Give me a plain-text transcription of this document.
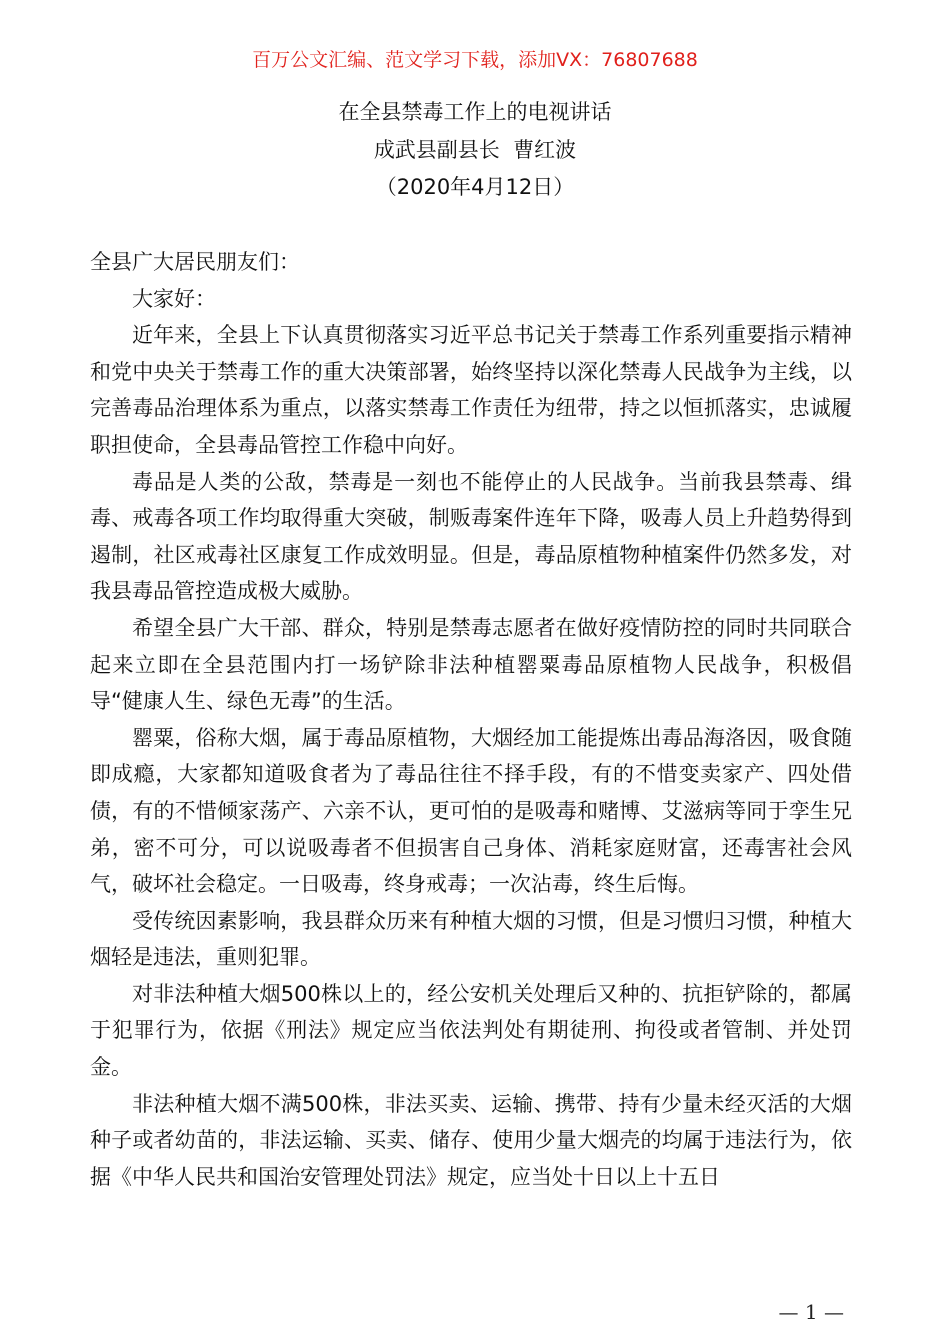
百万公文汇编、范文学习下载，添加VX：76807688
在全县禁毒工作上的电视讲话
成武县副县长  曹红波
（2020年4月12日）

全县广大居民朋友们：

大家好：

近年来，全县上下认真贯彻落实习近平总书记关于禁毒工作系列重要指示精神和党中央关于禁毒工作的重大决策部署，始终坚持以深化禁毒人民战争为主线，以完善毒品治理体系为重点，以落实禁毒工作责任为纽带，持之以恒抓落实，忠诚履职担使命，全县毒品管控工作稳中向好。

毒品是人类的公敌，禁毒是一刻也不能停止的人民战争。当前我县禁毒、缉毒、戒毒各项工作均取得重大突破，制贩毒案件连年下降，吸毒人员上升趋势得到遏制，社区戒毒社区康复工作成效明显。但是，毒品原植物种植案件仍然多发，对我县毒品管控造成极大威胁。

希望全县广大干部、群众，特别是禁毒志愿者在做好疫情防控的同时共同联合起来立即在全县范围内打一场铲除非法种植罂粟毒品原植物人民战争，积极倡导“健康人生、绿色无毒”的生活。

罂粟，俗称大烟，属于毒品原植物，大烟经加工能提炼出毒品海洛因，吸食随即成瘾，大家都知道吸食者为了毒品往往不择手段，有的不惜变卖家产、四处借债，有的不惜倾家荡产、六亲不认，更可怕的是吸毒和赌博、艾滋病等同于孪生兄弟，密不可分，可以说吸毒者不但损害自己身体、消耗家庭财富，还毒害社会风气，破坏社会稳定。一日吸毒，终身戒毒；一次沾毒，终生后悔。

受传统因素影响，我县群众历来有种植大烟的习惯，但是习惯归习惯，种植大烟轻是违法，重则犯罪。

对非法种植大烟500株以上的，经公安机关处理后又种的、抗拒铲除的，都属于犯罪行为，依据《刑法》规定应当依法判处有期徒刑、拘役或者管制、并处罚金。

非法种植大烟不满500株，非法买卖、运输、携带、持有少量未经灭活的大烟种子或者幼苗的，非法运输、买卖、储存、使用少量大烟壳的均属于违法行为，依据《中华人民共和国治安管理处罚法》规定，应当处十日以上十五日

— 1 —
